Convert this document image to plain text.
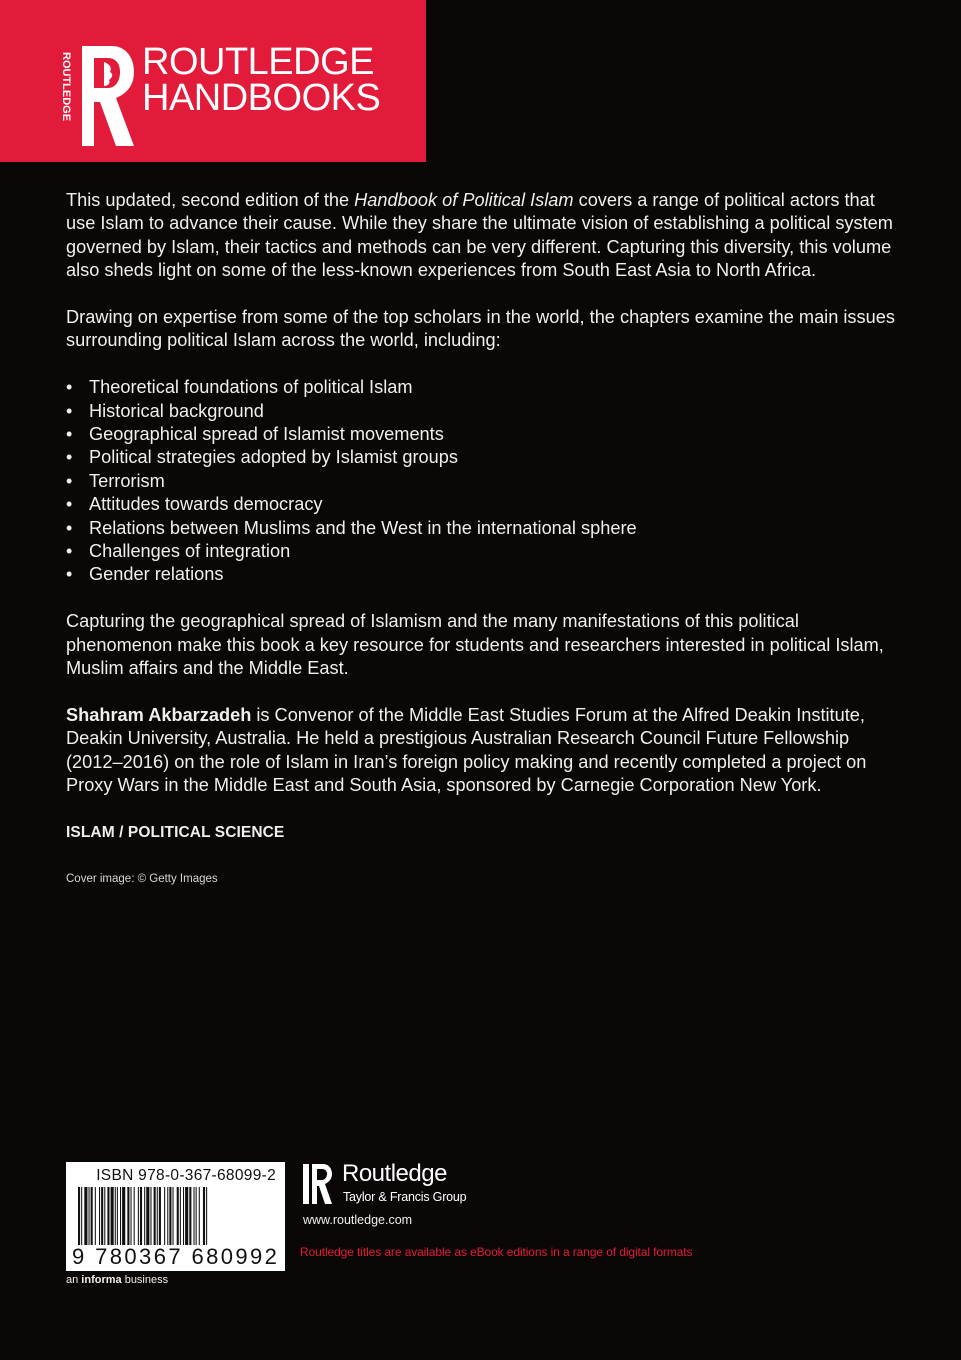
ROUTLEDGE ROUTLEDGE
HANDBOOKS

This updated, second edition of the Handbook of Political Islam covers a range of political actors that use Islam to advance their cause. While they share the ultimate vision of establishing a political system governed by Islam, their tactics and methods can be very different. Capturing this diversity, this volume also sheds light on some of the less-known experiences from South East Asia to North Africa.

Drawing on expertise from some of the top scholars in the world, the chapters examine the main issues surrounding political Islam across the world, including:

• Theoretical foundations of political Islam
• Historical background
• Geographical spread of Islamist movements
• Political strategies adopted by Islamist groups
• Terrorism
• Attitudes towards democracy
• Relations between Muslims and the West in the international sphere
• Challenges of integration
• Gender relations

Capturing the geographical spread of Islamism and the many manifestations of this political phenomenon make this book a key resource for students and researchers interested in political Islam, Muslim affairs and the Middle East.

Shahram Akbarzadeh is Convenor of the Middle East Studies Forum at the Alfred Deakin Institute, Deakin University, Australia. He held a prestigious Australian Research Council Future Fellowship (2012–2016) on the role of Islam in Iran’s foreign policy making and recently completed a project on Proxy Wars in the Middle East and South Asia, sponsored by Carnegie Corporation New York.

ISLAM / POLITICAL SCIENCE

Cover image: © Getty Images

ISBN 978-0-367-68099-2
9 780367 680992
an informa business
Routledge
Taylor & Francis Group
www.routledge.com
Routledge titles are available as eBook editions in a range of digital formats
